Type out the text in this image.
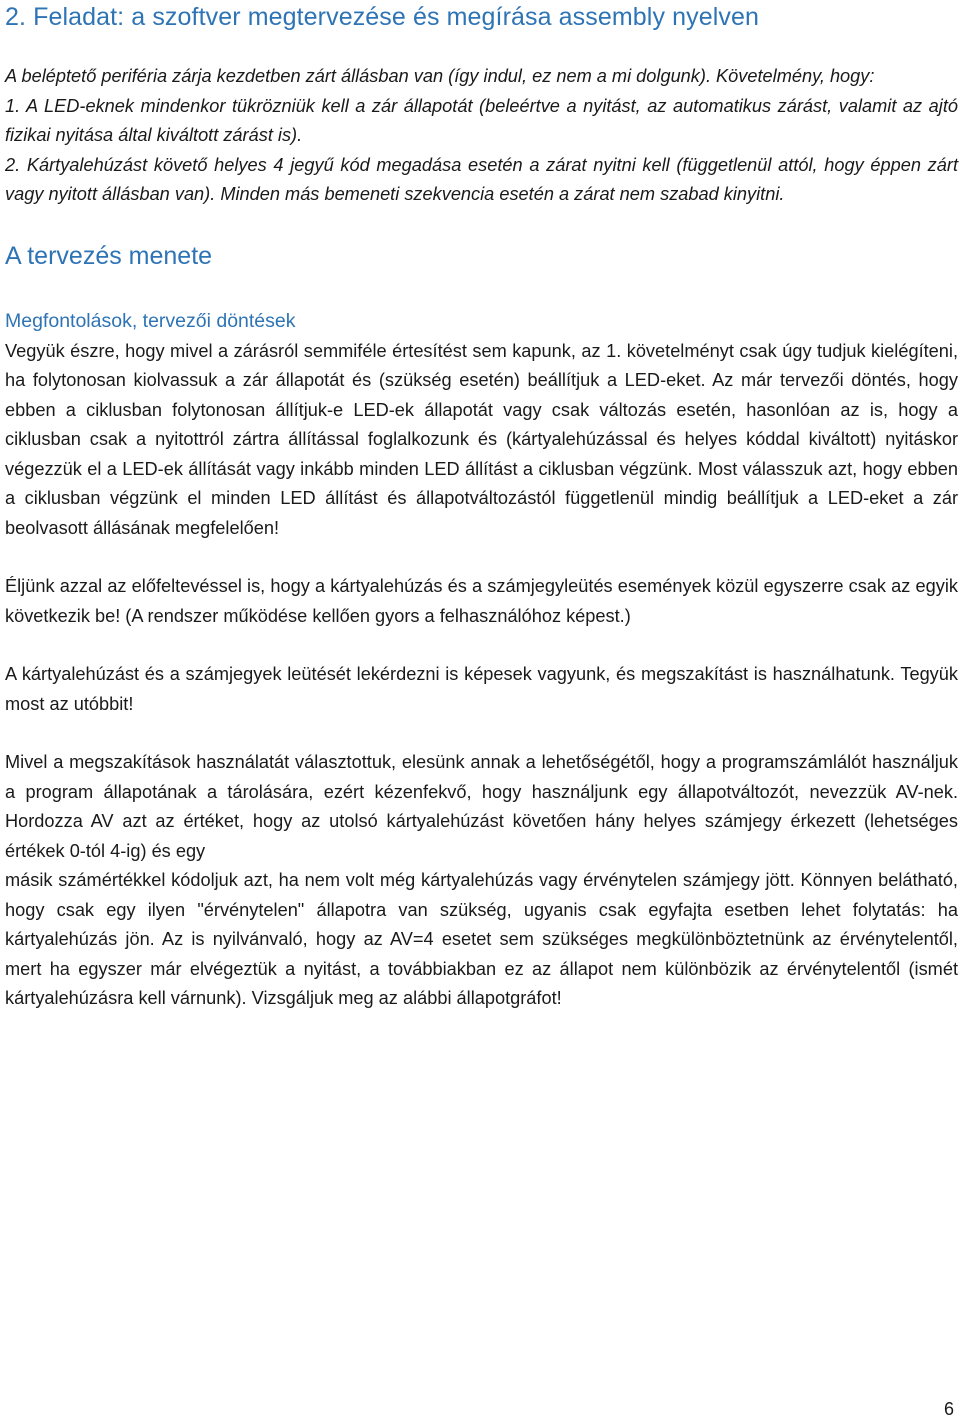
2. Feladat: a szoftver megtervezése és megírása assembly nyelven

A beléptető periféria zárja kezdetben zárt állásban van (így indul, ez nem a mi dolgunk). Követelmény, hogy:

1. A LED-eknek mindenkor tükrözniük kell a zár állapotát (beleértve a nyitást, az automatikus zárást, valamit az ajtó fizikai nyitása által kiváltott zárást is).

2. Kártyalehúzást követő helyes 4 jegyű kód megadása esetén a zárat nyitni kell (függetlenül attól, hogy éppen zárt vagy nyitott állásban van). Minden más bemeneti szekvencia esetén a zárat nem szabad kinyitni.

A tervezés menete
Megfontolások, tervezői döntések

Vegyük észre, hogy mivel a zárásról semmiféle értesítést sem kapunk, az 1. követelményt csak úgy tudjuk kielégíteni, ha folytonosan kiolvassuk a zár állapotát és (szükség esetén) beállítjuk a LED-eket. Az már tervezői döntés, hogy ebben a ciklusban folytonosan állítjuk-e LED-ek állapotát vagy csak változás esetén, hasonlóan az is, hogy a ciklusban csak a nyitottról zártra állítással foglalkozunk és (kártyalehúzással és helyes kóddal kiváltott) nyitáskor végezzük el a LED-ek állítását vagy inkább minden LED állítást a ciklusban végzünk. Most válasszuk azt, hogy ebben a ciklusban végzünk el minden LED állítást és állapotváltozástól függetlenül mindig beállítjuk a LED-eket a zár beolvasott állásának megfelelően!

Éljünk azzal az előfeltevéssel is, hogy a kártyalehúzás és a számjegyleütés események közül egyszerre csak az egyik következik be! (A rendszer működése kellően gyors a felhasználóhoz képest.)

A kártyalehúzást és a számjegyek leütését lekérdezni is képesek vagyunk, és megszakítást is használhatunk. Tegyük most az utóbbit!

Mivel a megszakítások használatát választottuk, elesünk annak a lehetőségétől, hogy a programszámlálót használjuk a program állapotának a tárolására, ezért kézenfekvő, hogy használjunk egy állapotváltozót, nevezzük AV-nek. Hordozza AV azt az értéket, hogy az utolsó kártyalehúzást követően hány helyes számjegy érkezett (lehetséges értékek 0-tól 4-ig) és egy

másik számértékkel kódoljuk azt, ha nem volt még kártyalehúzás vagy érvénytelen számjegy jött. Könnyen belátható, hogy csak egy ilyen "érvénytelen" állapotra van szükség, ugyanis csak egyfajta esetben lehet folytatás: ha kártyalehúzás jön. Az is nyilvánvaló, hogy az AV=4 esetet sem szükséges megkülönböztetnünk az érvénytelentől, mert ha egyszer már elvégeztük a nyitást, a továbbiakban ez az állapot nem különbözik az érvénytelentől (ismét kártyalehúzásra kell várnunk). Vizsgáljuk meg az alábbi állapotgráfot!

6
